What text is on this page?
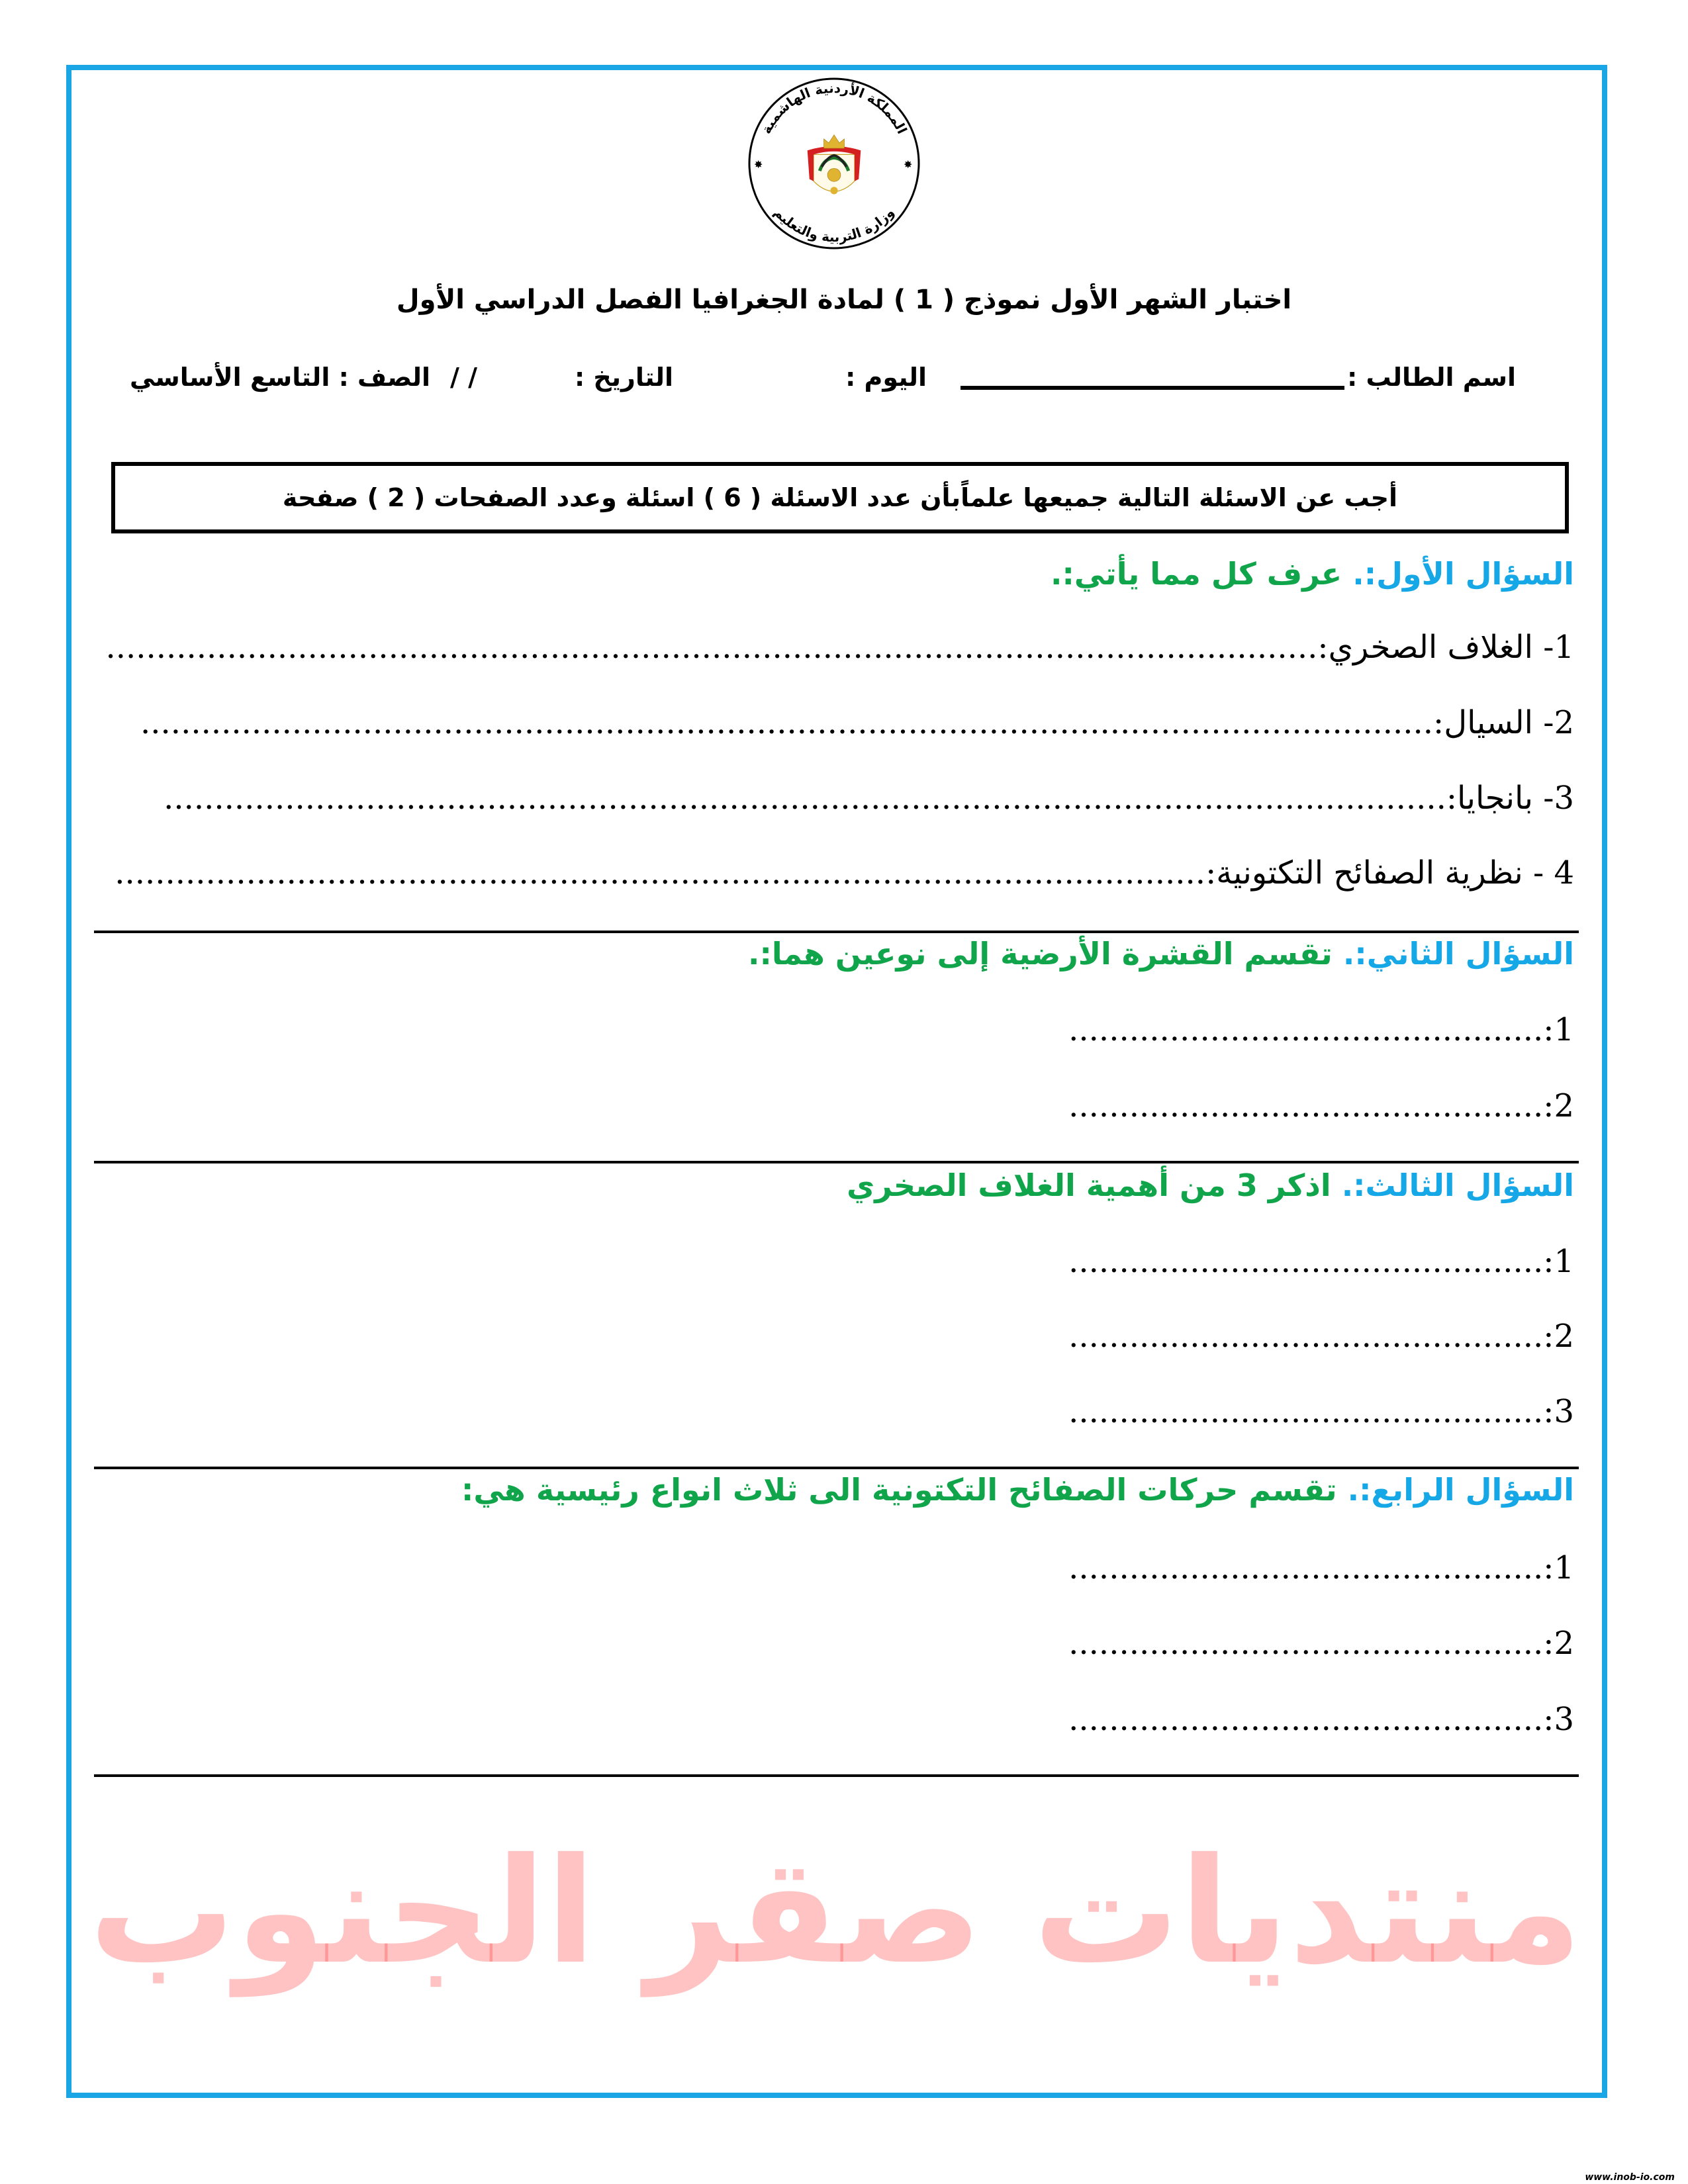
✸	✸
المملكة الأردنية الهاشمية
وزارة التربية والتعليم
اختبار الشهر الأول نموذج ( 1 ) لمادة الجغرافيا الفصل الدراسي الأول
اسم الطالب :
اليوم :
التاريخ :
/ /
الصف : التاسع الأساسي
أجب عن الاسئلة التالية جميعها علماًبأن عدد الاسئلة ( 6 ) اسئلة وعدد الصفحات ( 2 ) صفحة
السؤال الأول:. عرف كل مما يأتي:.
1- الغلاف الصخري:
........................................................................................................................
2- السيال:
................................................................................................................................
3- بانجايا:
...............................................................................................................................
4 - نظرية الصفائح التكتونية:
............................................................................................................
السؤال الثاني:. تقسم القشرة الأرضية إلى نوعين هما:.
1:
...............................................
2:
...............................................
السؤال الثالث:. اذكر 3 من أهمية الغلاف الصخري
1:
...............................................
2:
...............................................
3:
...............................................
السؤال الرابع:. تقسم حركات الصفائح التكتونية الى ثلاث انواع رئيسية هي:
1:
...............................................
2:
...............................................
3:
...............................................
منتديات صقر الجنوب
www.inob-io.com
